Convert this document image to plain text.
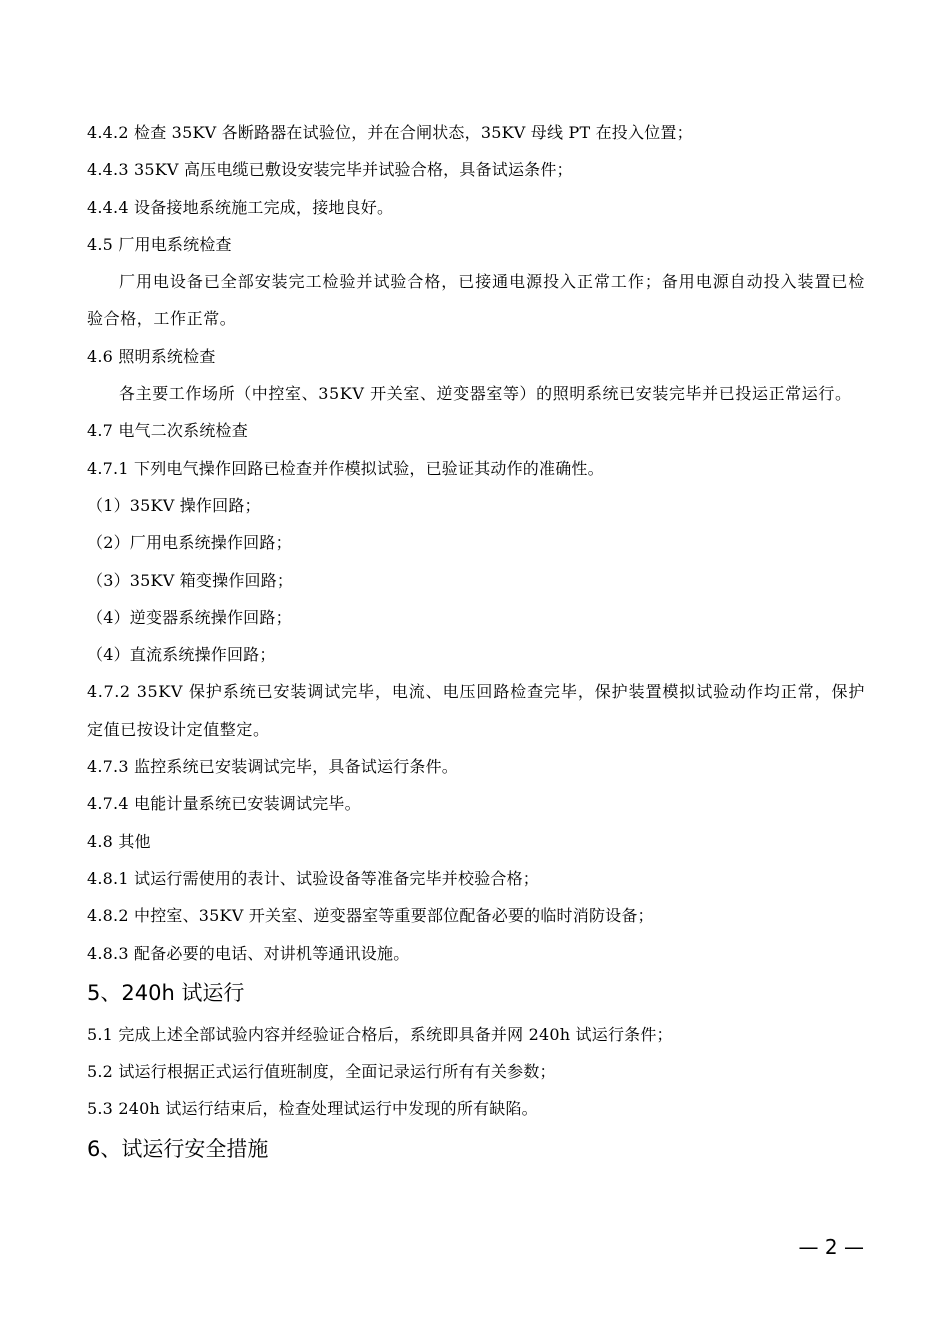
4.4.2 检查 35KV 各断路器在试验位，并在合闸状态，35KV 母线 PT 在投入位置；
4.4.3 35KV 高压电缆已敷设安装完毕并试验合格，具备试运条件；
4.4.4 设备接地系统施工完成，接地良好。
4.5 厂用电系统检查
厂用电设备已全部安装完工检验并试验合格，已接通电源投入正常工作；备用电源自动投入装置已检验合格，工作正常。
4.6 照明系统检查
各主要工作场所（中控室、35KV 开关室、逆变器室等）的照明系统已安装完毕并已投运正常运行。
4.7 电气二次系统检查
4.7.1 下列电气操作回路已检查并作模拟试验，已验证其动作的准确性。
（1）35KV 操作回路；
（2）厂用电系统操作回路；
（3）35KV 箱变操作回路；
（4）逆变器系统操作回路；
（4）直流系统操作回路；
4.7.2 35KV 保护系统已安装调试完毕，电流、电压回路检查完毕，保护装置模拟试验动作均正常，保护定值已按设计定值整定。
4.7.3 监控系统已安装调试完毕，具备试运行条件。
4.7.4 电能计量系统已安装调试完毕。
4.8 其他
4.8.1 试运行需使用的表计、试验设备等准备完毕并校验合格；
4.8.2 中控室、35KV 开关室、逆变器室等重要部位配备必要的临时消防设备；
4.8.3 配备必要的电话、对讲机等通讯设施。
5、240h 试运行
5.1 完成上述全部试验内容并经验证合格后，系统即具备并网 240h 试运行条件；
5.2 试运行根据正式运行值班制度，全面记录运行所有有关参数；
5.3 240h 试运行结束后，检查处理试运行中发现的所有缺陷。
6、试运行安全措施
— 2 —
